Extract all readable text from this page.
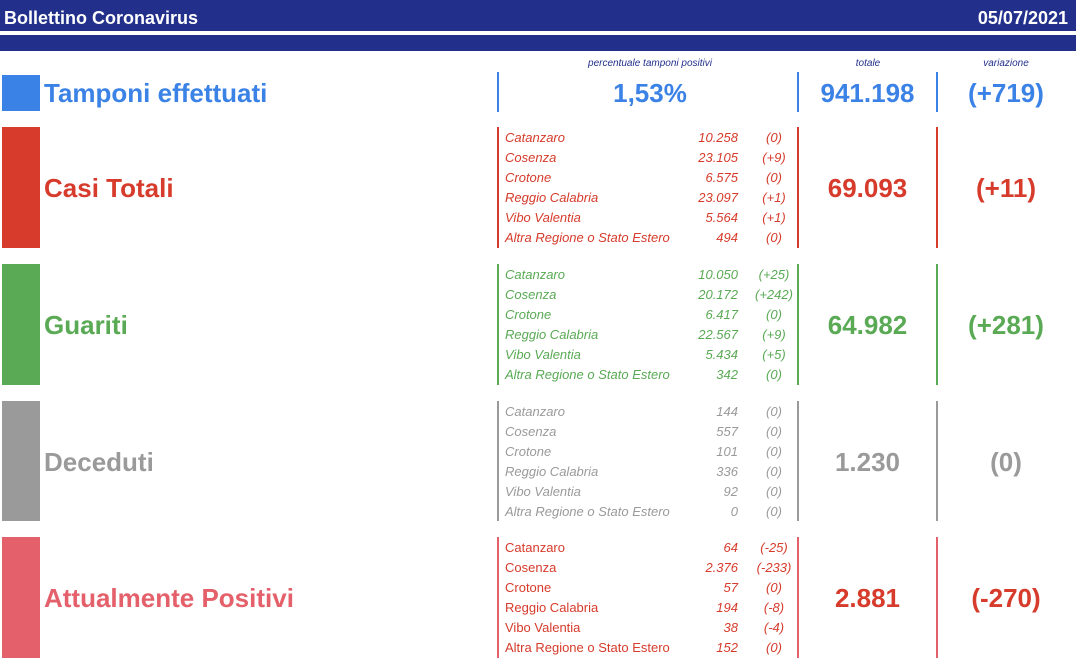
Bollettino Coronavirus	05/07/2021
percentuale tamponi positivi	totale	variazione
Tamponi effettuati	1,53%	941.198	(+719)
Casi Totali
Catanzaro	10.258	(0)
Cosenza	23.105	(+9)
Crotone	6.575	(0)
Reggio Calabria	23.097	(+1)
Vibo Valentia	5.564	(+1)
Altra Regione o Stato Estero	494	(0)
69.093	(+11)
Guariti
Catanzaro	10.050	(+25)
Cosenza	20.172 (+242)
Crotone	6.417	(0)
Reggio Calabria	22.567	(+9)
Vibo Valentia	5.434	(+5)
Altra Regione o Stato Estero	342	(0)
64.982	(+281)
Deceduti
Catanzaro	144	(0)
Cosenza	557	(0)
Crotone	101	(0)
Reggio Calabria	336	(0)
Vibo Valentia	92	(0)
Altra Regione o Stato Estero	0	(0)
1.230	(0)
Attualmente Positivi
Catanzaro	64	(-25)
Cosenza	2.376 (-233)
Crotone	57	(0)
Reggio Calabria	194	(-8)
Vibo Valentia	38	(-4)
Altra Regione o Stato Estero	152	(0)
2.881	(-270)
